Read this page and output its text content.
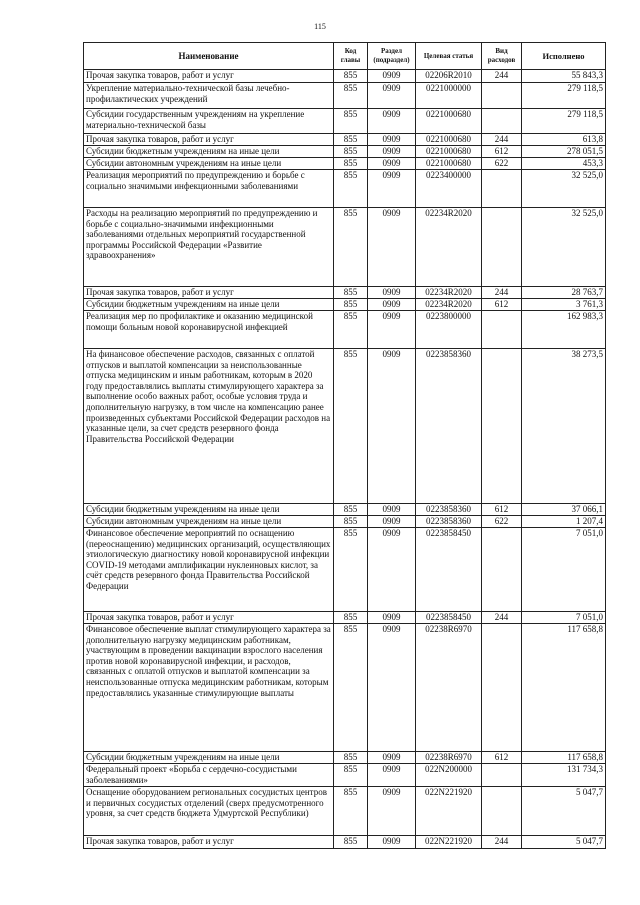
115
Наименование	Код главы	Раздел (подраздел)	Целевая статья	Вид расходов	Исполнено
Прочая закупка товаров, работ и услуг	855	0909	02206R2010	244	55 843,3
Укрепление материально-технической базы лечебно-профилактических учреждений	855	0909	0221000000		279 118,5
Субсидии государственным учреждениям на укрепление материально-технической базы	855	0909	0221000680		279 118,5
Прочая закупка товаров, работ и услуг	855	0909	0221000680	244	613,8
Субсидии бюджетным учреждениям на иные цели	855	0909	0221000680	612	278 051,5
Субсидии автономным учреждениям на иные цели	855	0909	0221000680	622	453,3
Реализация мероприятий по предупреждению и борьбе с социально значимыми инфекционными заболеваниями	855	0909	0223400000		32 525,0
Расходы на реализацию мероприятий по предупреждению и борьбе с социально-значимыми инфекционными заболеваниями отдельных мероприятий государственной программы Российской Федерации «Развитие здравоохранения»	855	0909	02234R2020		32 525,0
Прочая закупка товаров, работ и услуг	855	0909	02234R2020	244	28 763,7
Субсидии бюджетным учреждениям на иные цели	855	0909	02234R2020	612	3 761,3
Реализация мер по профилактике и оказанию медицинской помощи больным новой коронавирусной инфекцией	855	0909	0223800000		162 983,3
На финансовое обеспечение расходов, связанных с оплатой отпусков и выплатой компенсации за неиспользованные отпуска медицинским и иным работникам, которым в 2020 году предоставлялись выплаты стимулирующего характера за выполнение особо важных работ, особые условия труда и дополнительную нагрузку, в том числе на компенсацию ранее произведенных субъектами Российской Федерации расходов на указанные цели, за счет средств резервного фонда Правительства Российской Федерации	855	0909	0223858360		38 273,5
Субсидии бюджетным учреждениям на иные цели	855	0909	0223858360	612	37 066,1
Субсидии автономным учреждениям на иные цели	855	0909	0223858360	622	1 207,4
Финансовое обеспечение мероприятий по оснащению (переоснащению) медицинских организаций, осуществляющих этиологическую диагностику новой коронавирусной инфекции COVID-19 методами амплификации нуклеиновых кислот, за счёт средств резервного фонда Правительства Российской Федерации	855	0909	0223858450		7 051,0
Прочая закупка товаров, работ и услуг	855	0909	0223858450	244	7 051,0
Финансовое обеспечение выплат стимулирующего характера за дополнительную нагрузку медицинским работникам, участвующим в проведении вакцинации взрослого населения против новой коронавирусной инфекции, и расходов, связанных с оплатой отпусков и выплатой компенсации за неиспользованные отпуска медицинским работникам, которым предоставлялись указанные стимулирующие выплаты	855	0909	02238R6970		117 658,8
Субсидии бюджетным учреждениям на иные цели	855	0909	02238R6970	612	117 658,8
Федеральный проект «Борьба с сердечно-сосудистыми заболеваниями»	855	0909	022N200000		131 734,3
Оснащение оборудованием региональных сосудистых центров и первичных сосудистых отделений (сверх предусмотренного уровня, за счет средств бюджета Удмуртской Республики)	855	0909	022N221920		5 047,7
Прочая закупка товаров, работ и услуг	855	0909	022N221920	244	5 047,7
